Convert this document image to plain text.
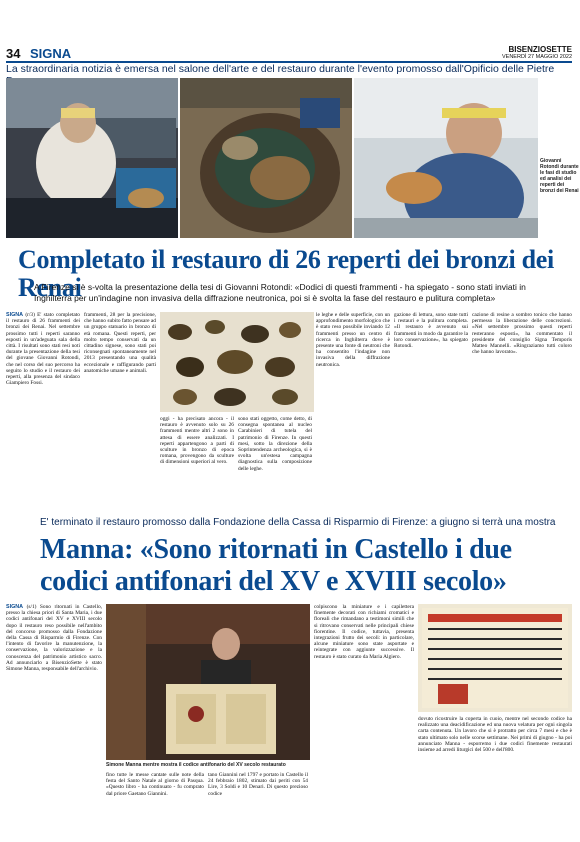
34 SIGNA	BISENZIOSETTE
VENERDÌ 27 MAGGIO 2022
La straordinaria notizia è emersa nel salone dell'arte e del restauro durante l'evento promosso dall'Opificio delle Pietre
Giovanni Rotondi durante le fasi di studio ed analisi dei reperti dei bronzi dei Renai
Completato il restauro di 26 reperti dei bronzi dei Renai
A Firenze si è s-volta la presentazione della tesi di Giovanni Rotondi: «Dodici di questi frammenti - ha spiegato - sono stati inviati in Inghilterra per un'indagine non invasiva della diffrazione neutronica, poi si è svolta la fase del restauro e pulitura completa»
SIGNA (r/3) E' stato completato il restauro di 26 frammenti dei bronzi dei Renai. Nel settembre prossimo tutti i reperti saranno esposti in un'adeguata sala della città. I risultati sono stati resi noti durante la presentazione della tesi del giovane Giovanni Rotondi, che nel corso del suo percorso ha seguito lo studio e il restauro dei reperti, alla presenza del sindaco Giampiero Fossi.
frammenti, 28 per la precisione, che hanno subito fatto pensare ad un gruppo statuario in bronzo di età romana. Questi reperti, per molto tempo conservati da un cittadino signese, sono stati poi riconsegnati spontaneamente nel 2013 presentando una qualità eccezionale e raffigurando parti anatomiche umane e animali.
oggi - ha precisato ancora - il restauro è avvenuto solo su 26 frammenti mentre altri 2 sono in attesa di essere analizzati. I reperti appartengono a parti di sculture in bronzo di epoca romana, provengono da sculture di dimensioni superiori al vero.
sono stati oggetto, come detto, di consegna spontanea al nucleo Carabinieri di tutela del patrimonio di Firenze. In questi mesi, sotto la direzione della Soprintendenza archeologica, si è svolta un'estesa campagna diagnostica sulla composizione delle leghe.
le leghe e delle superficie, con un approfondimento morfologico che è stato reso possibile inviando 12 frammenti presso un centro di ricerca in Inghilterra dove è presente una fonte di neutroni che ha consentito l'indagine non invasiva della diffrazione neutronica.
gazione di lettura, sono state tutti i restauri e la pulitura completa. «Il restauro è avvenuto sui frammenti in modo da garantire la loro conservazione», ha spiegato Rotondi.
cazione di resine a sombro tonico che hanno permesso la liberazione delle concrezioni. «Nel settembre prossimo questi reperti resteranno esposti», ha commentato il presidente del consiglio Signa Temporis Matteo Mannelli. «Ringraziamo tutti coloro che hanno lavorato».
E' terminato il restauro promosso dalla Fondazione della Cassa di Risparmio di Firenze: a giugno si terrà una mostra
Manna: «Sono ritornati in Castello i due codici antifonari del XV e XVIII secolo»
SIGNA (s/1) Sono ritornati in Castello, presso la chiesa priori di Santa Maria, i due codici antifonari del XV e XVIII secolo dopo il restauro reso possibile nell'ambito del concorso promosso dalla Fondazione della Cassa di Risparmio di Firenze. Con l'intento di favorire la manutenzione, la conservazione, la valorizzazione e la conoscenza del patrimonio artistico sacro. Ad annunciarlo a BisenzioSette è stato Simone Manna, responsabile dell'archivio.
Simone Manna mentre mostra il codice antifonario del XV secolo restaurato
fino tutte le messe cantate sulle note della festa del Santo Natale al giorno di Pasqua. «Questo libro - ha continuato - fu comprato dal priore Gaetano Giannini.
tano Giannini nel 1797 e portato in Castello il 24 febbraio 1802, stimato dai periti con 54 Lire, 3 Soldi e 10 Denari. Di questo prezioso codice
colpiscono la miniature e i capilettera finemente decorati con richiami cromatici e floreali che rimandano a testimoni simili che si ritrovano conservati nelle principali chiese fiorentine. Il codice, tuttavia, presenta integrazioni frutto dei secoli: in particolare, alcune miniature sono state asportate e reintegrate con aggiunte successive. Il restauro è stato curato da Maria Algiero.
dovuto ricostruire la coperta in cuoio, mentre nel secondo codice ha realizzato una deacidificazione ed una nuova velatura per ogni singola carta contenuta. Un lavoro che si è protratto per circa 7 mesi e che è stato ultimato solo nelle scorse settimane. Nei primi di giugno - ha poi annunciato Manna - esporremo i due codici finemente restaurati insieme ad arredi liturgici del 500 e dell'800.
